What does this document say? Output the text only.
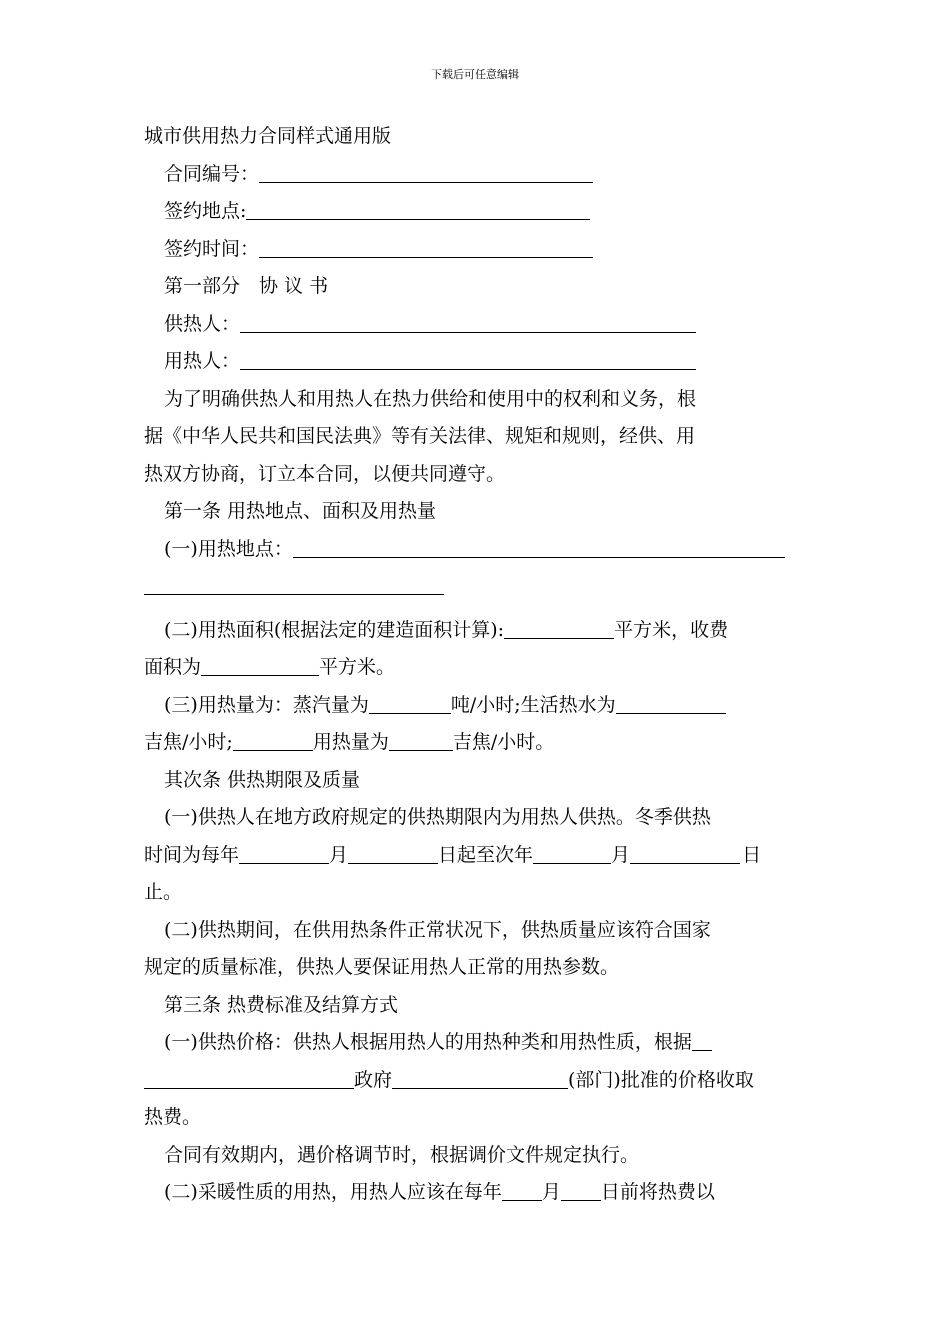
下载后可任意编辑
城市供用热力合同样式通用版
合同编号：
签约地点:
签约时间：
第一部分　协 议 书
供热人：
用热人：
为了明确供热人和用热人在热力供给和使用中的权利和义务，根
据《中华人民共和国民法典》等有关法律、规矩和规则，经供、用
热双方协商，订立本合同，以便共同遵守。
第一条 用热地点、面积及用热量
(一)用热地点：
(二)用热面积(根据法定的建造面积计算):	平方米，收费
面积为	平方米。
(三)用热量为：蒸汽量为	吨/小时;生活热水为
吉焦/小时;	用热量为	吉焦/小时。
其次条 供热期限及质量
(一)供热人在地方政府规定的供热期限内为用热人供热。冬季供热
时间为每年	月	日起至次年	月	日
止。
(二)供热期间，在供用热条件正常状况下，供热质量应该符合国家
规定的质量标准，供热人要保证用热人正常的用热参数。
第三条 热费标准及结算方式
(一)供热价格：供热人根据用热人的用热种类和用热性质，根据
政府	(部门)批准的价格收取
热费。
合同有效期内，遇价格调节时，根据调价文件规定执行。
(二)采暖性质的用热，用热人应该在每年 月 日前将热费以
